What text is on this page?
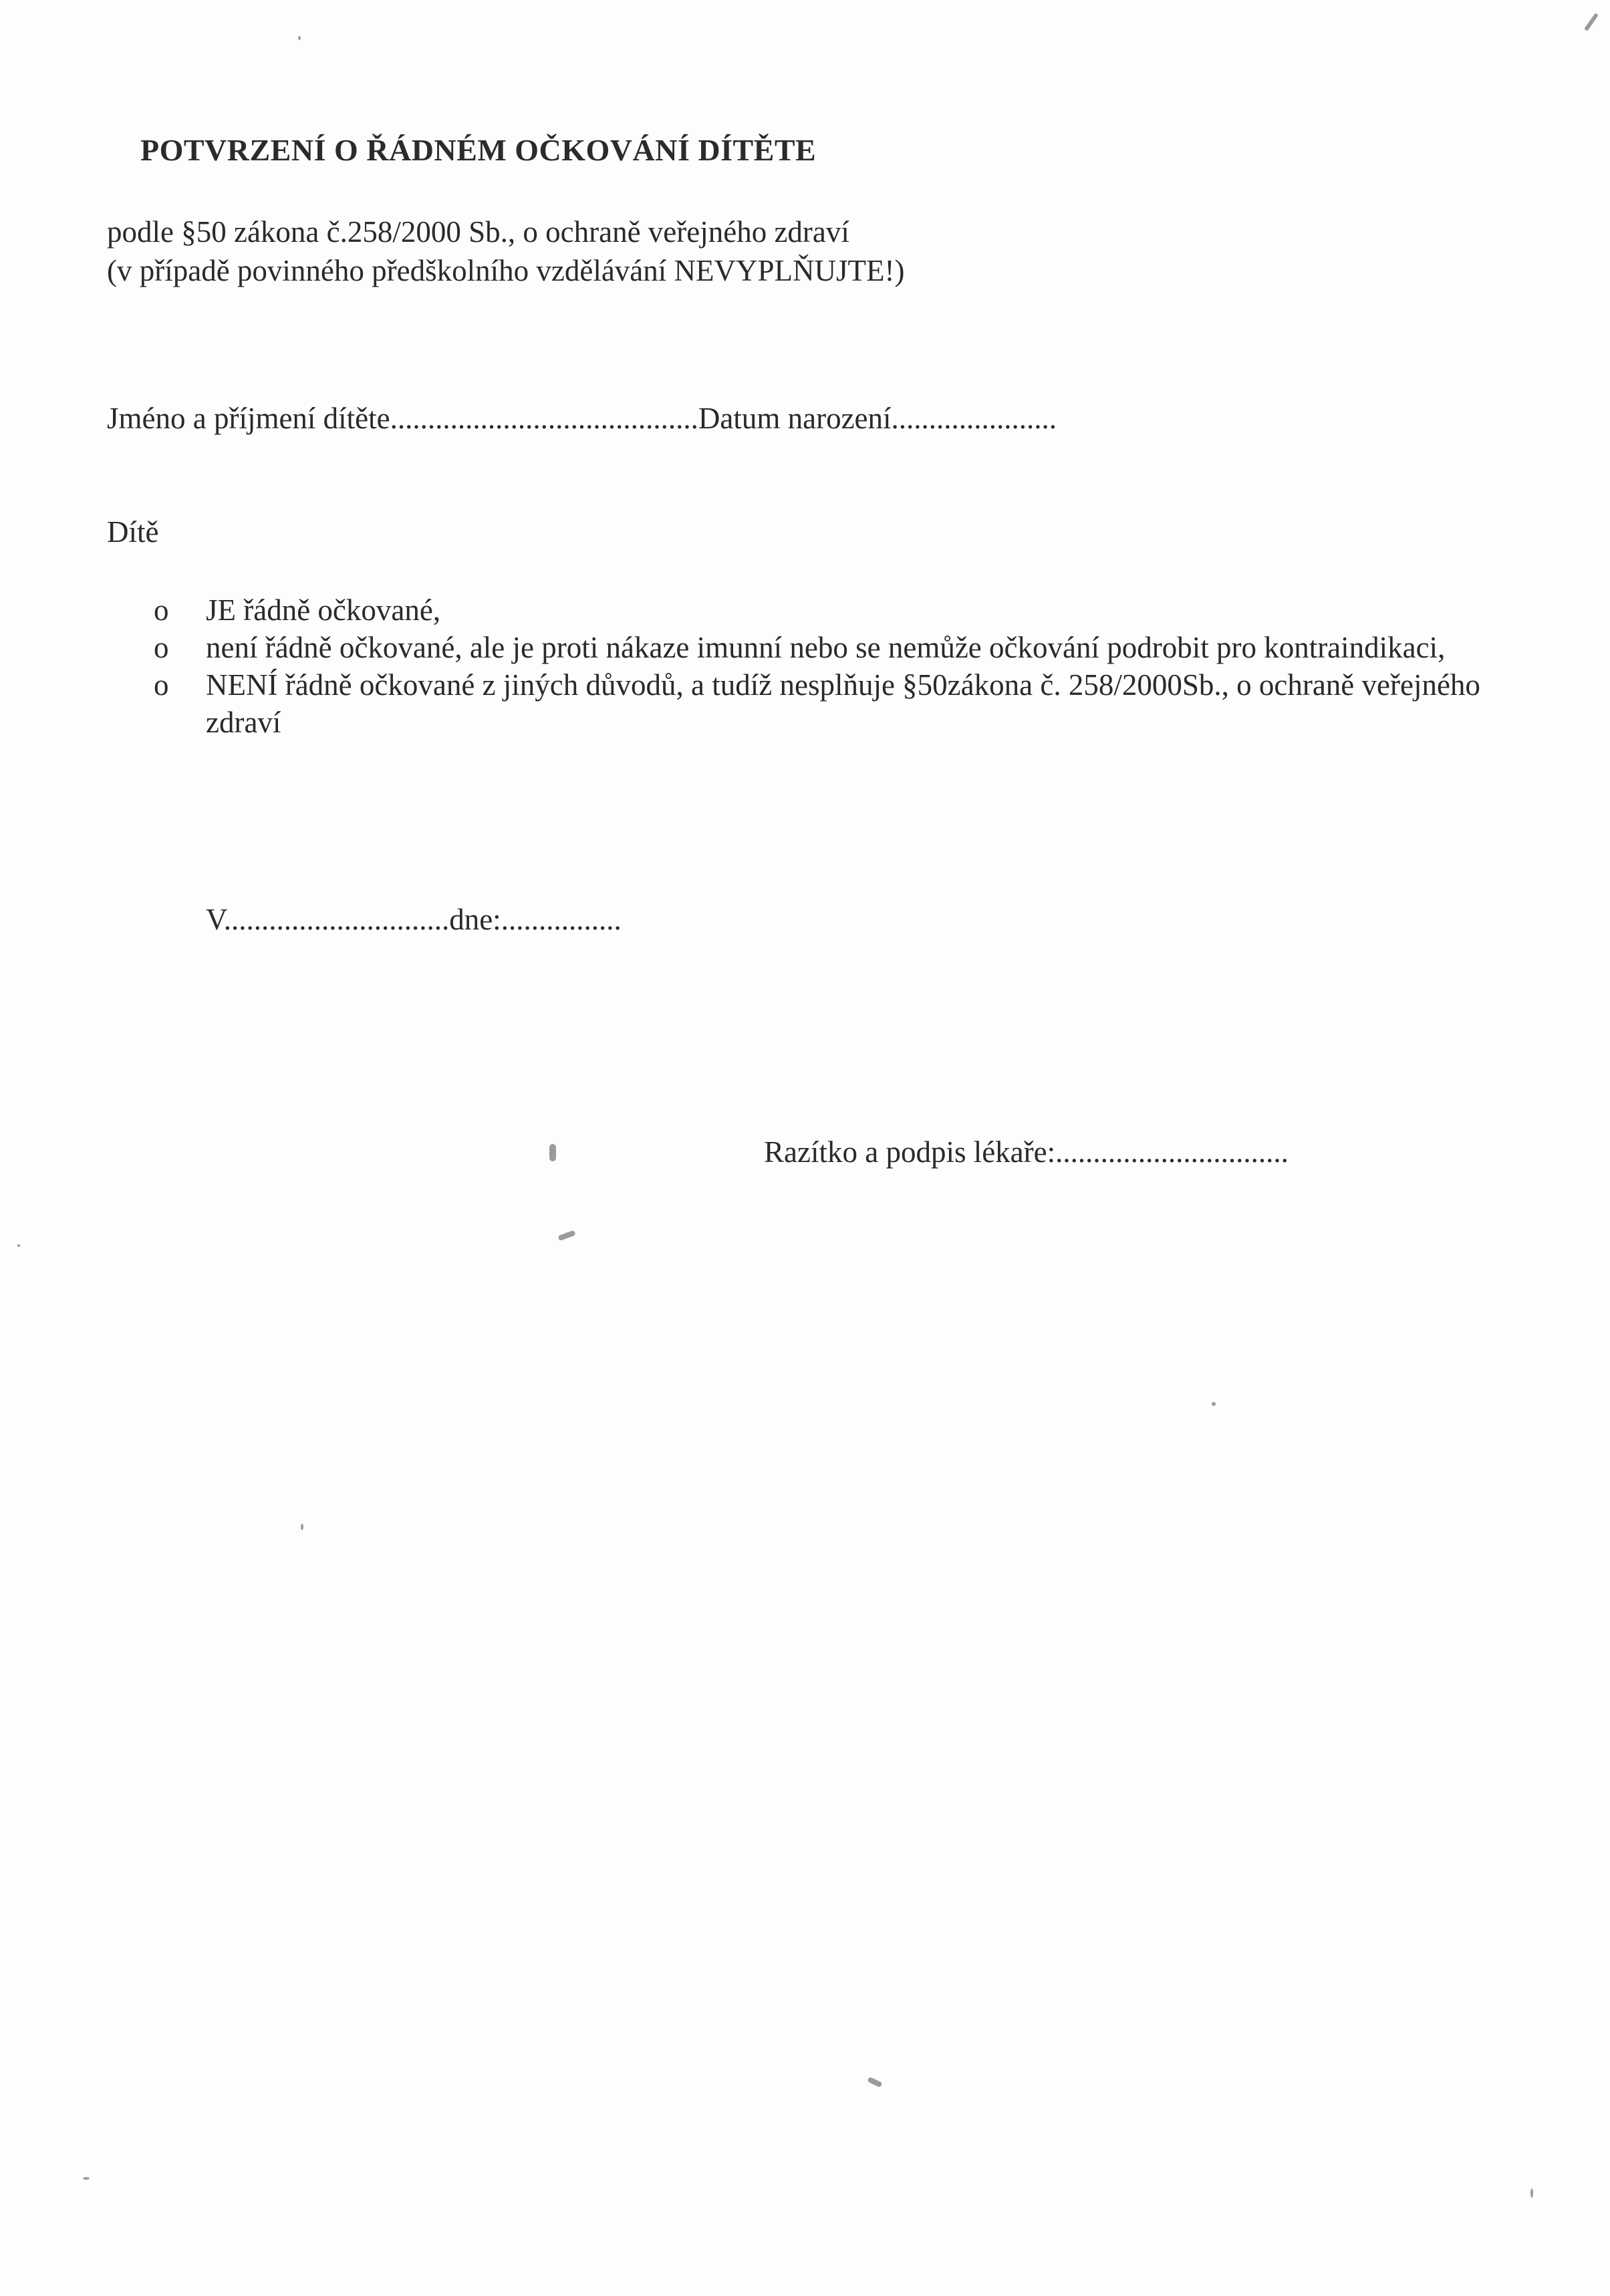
POTVRZENÍ O ŘÁDNÉM OČKOVÁNÍ DÍTĚTE
podle §50 zákona č.258/2000 Sb., o ochraně veřejného zdraví
(v případě povinného předškolního vzdělávání NEVYPLŇUJTE!)
Jméno a příjmení dítěte.........................................Datum narození......................
Dítě
o	JE řádně očkované,
o	není řádně očkované, ale je proti nákaze imunní nebo se nemůže očkování podrobit pro kontraindikaci,
o	NENÍ řádně očkované z jiných důvodů, a tudíž nesplňuje §50zákona č. 258/2000Sb., o ochraně veřejného zdraví
V..............................dne:................
Razítko a podpis lékaře:...............................
